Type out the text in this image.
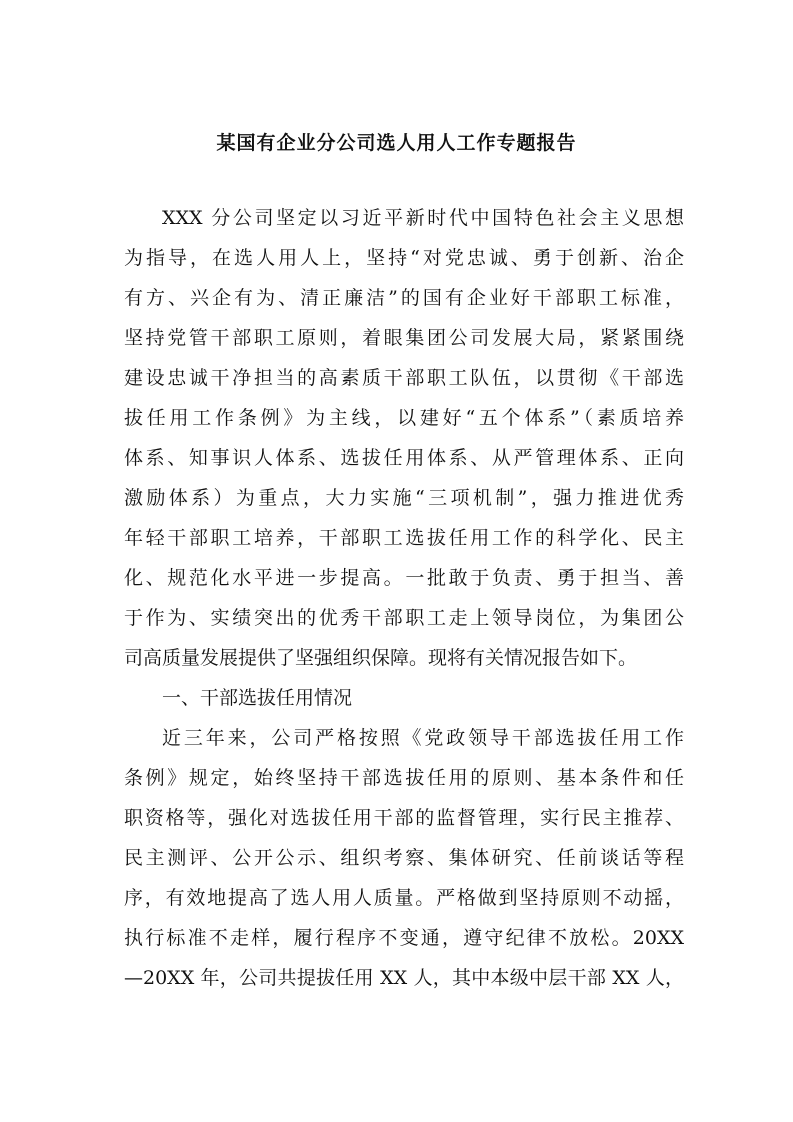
某国有企业分公司选人用人工作专题报告
XXX 分公司坚定以习近平新时代中国特色社会主义思想
为指导，在选人用人上，坚持“对党忠诚、勇于创新、治企
有方、兴企有为、清正廉洁”的国有企业好干部职工标准，
坚持党管干部职工原则，着眼集团公司发展大局，紧紧围绕
建设忠诚干净担当的高素质干部职工队伍，以贯彻《干部选
拔任用工作条例》为主线，以建好“五个体系”（素质培养
体系、知事识人体系、选拔任用体系、从严管理体系、正向
激励体系）为重点，大力实施“三项机制”，强力推进优秀
年轻干部职工培养，干部职工选拔任用工作的科学化、民主
化、规范化水平进一步提高。一批敢于负责、勇于担当、善
于作为、实绩突出的优秀干部职工走上领导岗位，为集团公
司高质量发展提供了坚强组织保障。现将有关情况报告如下。
一、干部选拔任用情况
近三年来，公司严格按照《党政领导干部选拔任用工作
条例》规定，始终坚持干部选拔任用的原则、基本条件和任
职资格等，强化对选拔任用干部的监督管理，实行民主推荐、
民主测评、公开公示、组织考察、集体研究、任前谈话等程
序，有效地提高了选人用人质量。严格做到坚持原则不动摇，
执行标准不走样，履行程序不变通，遵守纪律不放松。20XX
—20XX 年，公司共提拔任用 XX 人，其中本级中层干部 XX 人，
